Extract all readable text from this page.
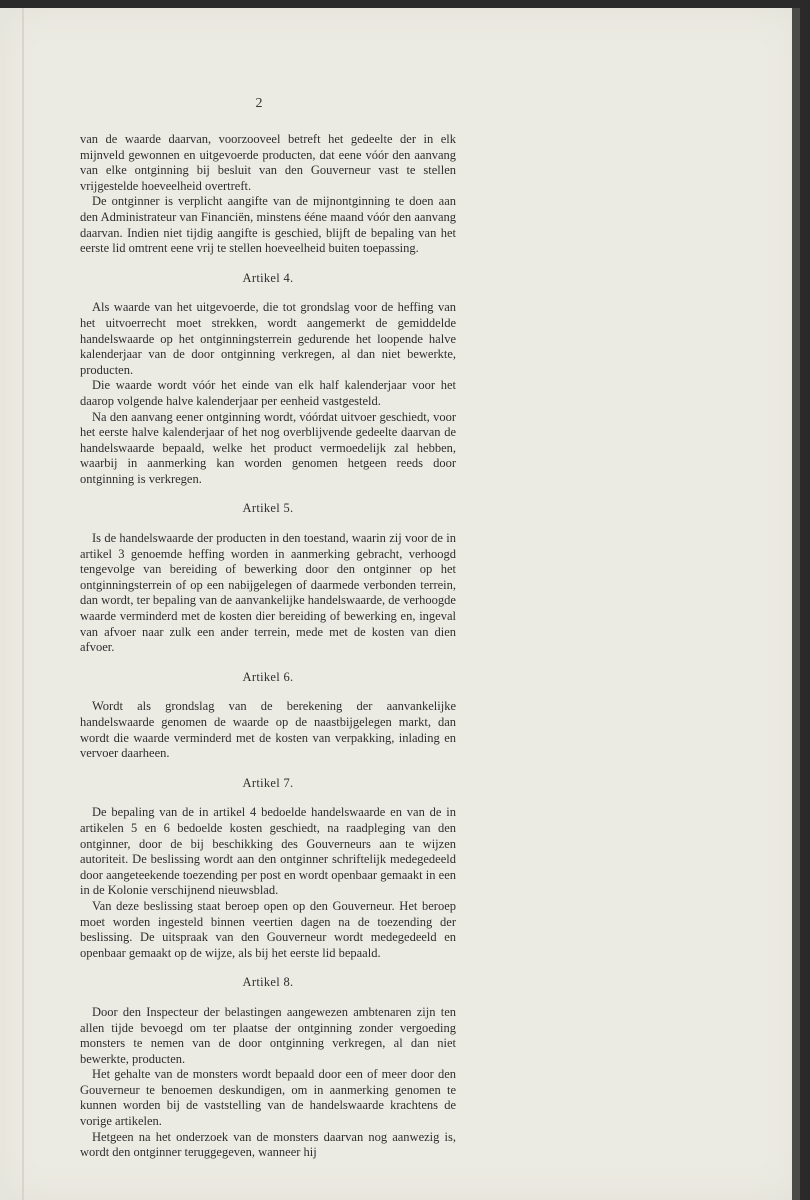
2

van de waarde daarvan, voorzooveel betreft het gedeelte der in elk mijnveld gewonnen en uitgevoerde producten, dat eene vóór den aanvang van elke ontginning bij besluit van den Gouverneur vast te stellen vrijgestelde hoeveelheid overtreft.

De ontginner is verplicht aangifte van de mijnontginning te doen aan den Administrateur van Financiën, minstens ééne maand vóór den aanvang daarvan. Indien niet tijdig aangifte is geschied, blijft de bepaling van het eerste lid omtrent eene vrij te stellen hoeveelheid buiten toepassing.

Artikel 4.

Als waarde van het uitgevoerde, die tot grondslag voor de heffing van het uitvoerrecht moet strekken, wordt aangemerkt de gemiddelde handelswaarde op het ontginningsterrein gedurende het loopende halve kalenderjaar van de door ontginning verkregen, al dan niet bewerkte, producten.

Die waarde wordt vóór het einde van elk half kalenderjaar voor het daarop volgende halve kalenderjaar per eenheid vastgesteld.

Na den aanvang eener ontginning wordt, vóórdat uitvoer geschiedt, voor het eerste halve kalenderjaar of het nog overblijvende gedeelte daarvan de handelswaarde bepaald, welke het product vermoedelijk zal hebben, waarbij in aanmerking kan worden genomen hetgeen reeds door ontginning is verkregen.

Artikel 5.

Is de handelswaarde der producten in den toestand, waarin zij voor de in artikel 3 genoemde heffing worden in aanmerking gebracht, verhoogd tengevolge van bereiding of bewerking door den ontginner op het ontginningsterrein of op een nabijgelegen of daarmede verbonden terrein, dan wordt, ter bepaling van de aanvankelijke handelswaarde, de verhoogde waarde verminderd met de kosten dier bereiding of bewerking en, ingeval van afvoer naar zulk een ander terrein, mede met de kosten van dien afvoer.

Artikel 6.

Wordt als grondslag van de berekening der aanvankelijke handelswaarde genomen de waarde op de naastbijgelegen markt, dan wordt die waarde verminderd met de kosten van verpakking, inlading en vervoer daarheen.

Artikel 7.

De bepaling van de in artikel 4 bedoelde handelswaarde en van de in artikelen 5 en 6 bedoelde kosten geschiedt, na raadpleging van den ontginner, door de bij beschikking des Gouverneurs aan te wijzen autoriteit. De beslissing wordt aan den ontginner schriftelijk medegedeeld door aangeteekende toezending per post en wordt openbaar gemaakt in een in de Kolonie verschijnend nieuwsblad.

Van deze beslissing staat beroep open op den Gouverneur. Het beroep moet worden ingesteld binnen veertien dagen na de toezending der beslissing. De uitspraak van den Gouverneur wordt medegedeeld en openbaar gemaakt op de wijze, als bij het eerste lid bepaald.

Artikel 8.

Door den Inspecteur der belastingen aangewezen ambtenaren zijn ten allen tijde bevoegd om ter plaatse der ontginning zonder vergoeding monsters te nemen van de door ontginning verkregen, al dan niet bewerkte, producten.

Het gehalte van de monsters wordt bepaald door een of meer door den Gouverneur te benoemen deskundigen, om in aanmerking genomen te kunnen worden bij de vaststelling van de handelswaarde krachtens de vorige artikelen.

Hetgeen na het onderzoek van de monsters daarvan nog aanwezig is, wordt den ontginner teruggegeven, wanneer hij
